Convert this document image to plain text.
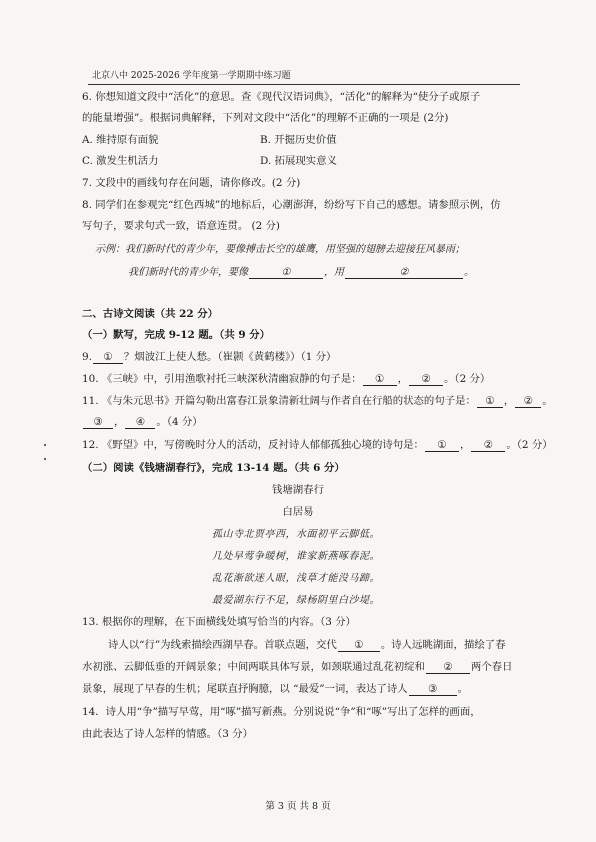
北京八中 2025-2026 学年度第一学期期中练习题
6. 你想知道文段中“活化”的意思。查《现代汉语词典》，“活化”的解释为“使分子或原子
的能量增强”。根据词典解释，下列对文段中“活化”的理解不正确的一项是 (2分)
A. 维持原有面貌	B. 开掘历史价值
C. 激发生机活力	D. 拓展现实意义
7. 文段中的画线句存在问题，请你修改。(2 分)
8. 同学们在参观完“红色西城”的地标后，心潮澎湃，纷纷写下自己的感想。请参照示例，仿
写句子，要求句式一致，语意连贯。 (2 分)
示例：我们新时代的青少年，要像搏击长空的雄鹰，用坚强的翅膀去迎接狂风暴雨；
我们新时代的青少年，要像	①	，用	②	。
二、古诗文阅读（共 22 分）
（一）默写，完成 9-12 题。（共 9 分）
9. ① ？烟波江上使人愁。（崔颢《黄鹤楼》）（1 分）
10. 《三峡》中，引用渔歌衬托三峡深秋清幽寂静的句子是： ① ， ② 。（2 分）
11. 《与朱元思书》开篇勾勒出富春江景象清新壮阔与作者自在行船的状态的句子是： ① ， ② 。
③ ， ④ 。（4 分）
12. 《野望》中，写傍晚时分人的活动，反衬诗人郁郁孤独心境的诗句是： ① ， ② 。（2 分）
（二）阅读《钱塘湖春行》，完成 13-14 题。（共 6 分）
钱塘湖春行
白居易
孤山寺北贾亭西，水面初平云脚低。
几处早莺争暖树，谁家新燕啄春泥。
乱花渐欲迷人眼，浅草才能没马蹄。
最爱湖东行不足，绿杨阴里白沙堤。
13. 根据你的理解，在下面横线处填写恰当的内容。（3 分）
诗人以“行”为线索描绘西湖早春。首联点题，交代 ① 。诗人远眺湖面，描绘了春
水初涨、云脚低垂的开阔景象；中间两联具体写景，如颈联通过乱花初绽和 ② 两个春日
景象，展现了早春的生机；尾联直抒胸臆，以 “最爱”一词，表达了诗人 ③ 。
14．诗人用“争”描写早莺，用“啄”描写新燕。分别说说“争”和“啄”写出了怎样的画面，
由此表达了诗人怎样的情感。（3 分）
第 3 页 共 8 页
